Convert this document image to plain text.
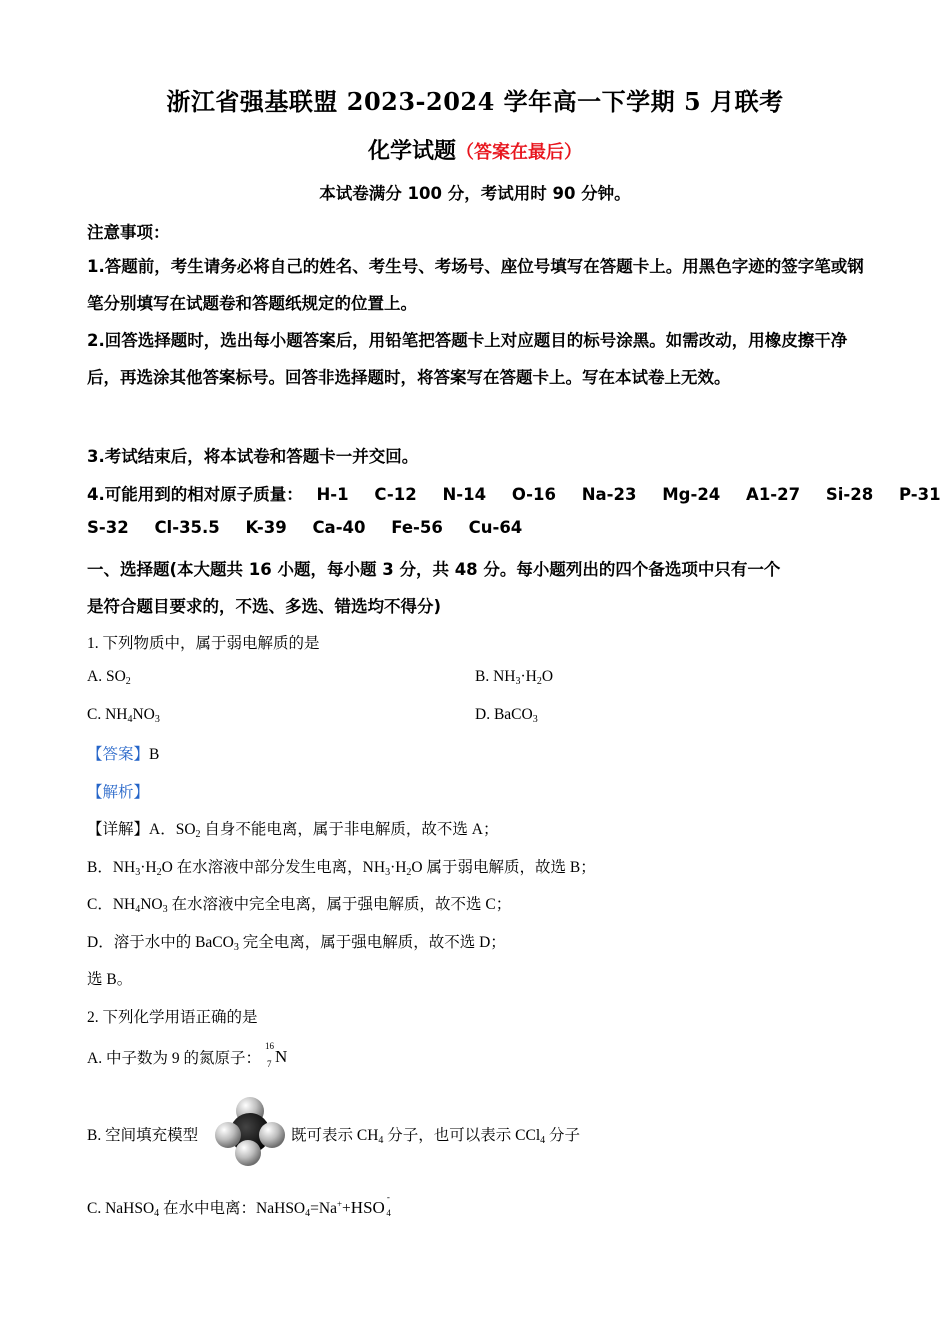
浙江省强基联盟 2023-2024 学年高一下学期 5 月联考
化学试题（答案在最后）
本试卷满分 100 分，考试用时 90 分钟。
注意事项：
1.答题前，考生请务必将自己的姓名、考生号、考场号、座位号填写在答题卡上。用黑色字迹的签字笔或钢笔分别填写在试题卷和答题纸规定的位置上。
2.回答选择题时，选出每小题答案后，用铅笔把答题卡上对应题目的标号涂黑。如需改动，用橡皮擦干净后，再选涂其他答案标号。回答非选择题时，将答案写在答题卡上。写在本试卷上无效。
3.考试结束后，将本试卷和答题卡一并交回。
4.可能用到的相对原子质量： H-1 C-12 N-14 O-16 Na-23 Mg-24 A1-27 Si-28 P-31
S-32 Cl-35.5 K-39 Ca-40 Fe-56 Cu-64
一、选择题(本大题共 16 小题，每小题 3 分，共 48 分。每小题列出的四个备选项中只有一个
是符合题目要求的，不选、多选、错选均不得分)
1. 下列物质中，属于弱电解质的是
A. $SO_2$	B. $NH_3\cdot H_2O$
C. $NH_4NO_3$	D. BaCO$_3$
【答案】B
【解析】
【详解】A．$SO_2$ 自身不能电离，属于非电解质，故不选 A；
B．$NH_3\cdot H_2O$ 在水溶液中部分发生电离，$NH_3\cdot H_2O$ 属于弱电解质，故选 B；
C．$NH_4NO_3$ 在水溶液中完全电离，属于强电解质，故不选 C；
D．溶于水中的 BaCO$_3$ 完全电离，属于强电解质，故不选 D；
选 B。
2. 下列化学用语正确的是
A. 中子数为 9 的氮原子：
16
7 N
B. 空间填充模型	既可表示 $CH_4$ 分子，也可以表示 CCl$_4$ 分子
C. NaHSO$_4$ 在水中电离：NaHSO$_4$=Na++HSO
-
4
